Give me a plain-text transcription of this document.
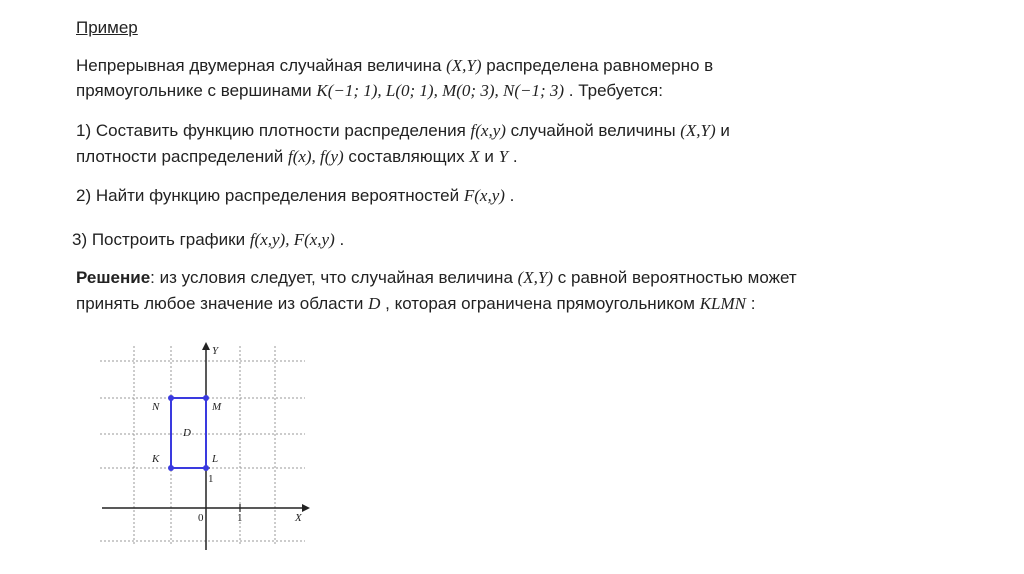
Пример
Непрерывная двумерная случайная величина (X,Y) распределена равномерно в
прямоугольнике с вершинами K(−1; 1), L(0; 1), M(0; 3), N(−1; 3) . Требуется:
1) Составить функцию плотности распределения f(x,y) случайной величины (X,Y) и
плотности распределений f(x), f(y) составляющих X и Y .
2) Найти функцию распределения вероятностей F(x,y) .
3) Построить графики f(x,y), F(x,y) .
Решение: из условия следует, что случайная величина (X,Y) с равной вероятностью может
принять любое значение из области D , которая ограничена прямоугольником KLMN :
X
Y
N	M
D
K	L
1
0	1
